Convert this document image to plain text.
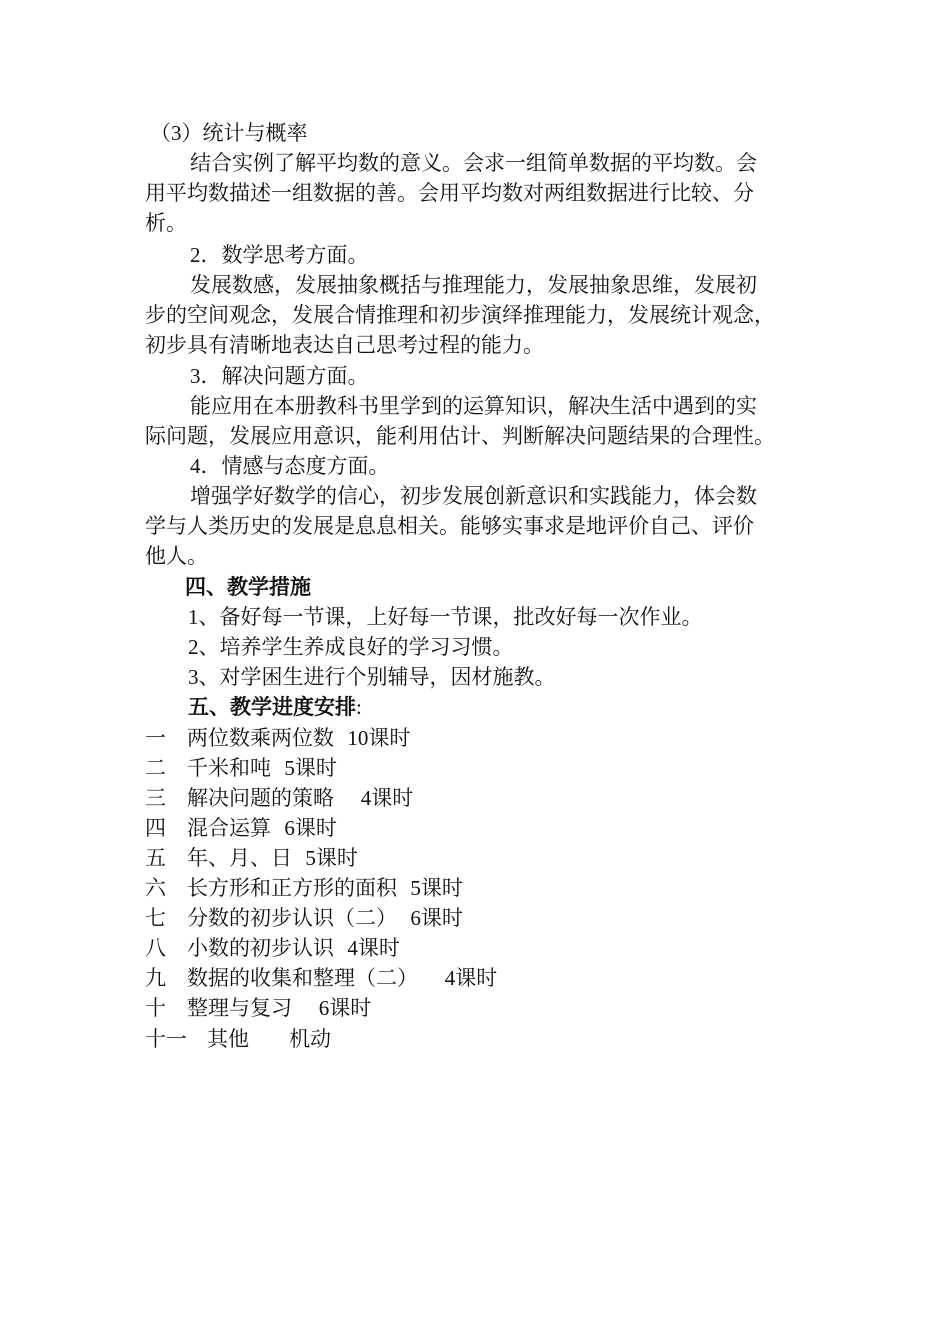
（3）统计与概率
结合实例了解平均数的意义。会求一组简单数据的平均数。会
用平均数描述一组数据的善。会用平均数对两组数据进行比较、分
析。
2．数学思考方面。
发展数感，发展抽象概括与推理能力，发展抽象思维，发展初
步的空间观念，发展合情推理和初步演绎推理能力，发展统计观念，
初步具有清晰地表达自己思考过程的能力。
3．解决问题方面。
能应用在本册教科书里学到的运算知识，解决生活中遇到的实
际问题，发展应用意识，能利用估计、判断解决问题结果的合理性。
4．情感与态度方面。
增强学好数学的信心，初步发展创新意识和实践能力，体会数
学与人类历史的发展是息息相关。能够实事求是地评价自己、评价
他人。
四、教学措施
1、备好每一节课，上好每一节课，批改好每一次作业。
2、培养学生养成良好的学习习惯。
3、对学困生进行个别辅导，因材施教。
五、教学进度安排:
一 两位数乘两位数 10课时
二 千米和吨 5课时
三 解决问题的策略 4课时
四 混合运算 6课时
五 年、月、日 5课时
六 长方形和正方形的面积 5课时
七 分数的初步认识（二） 6课时
八 小数的初步认识 4课时
九 数据的收集和整理（二） 4课时
十 整理与复习 6课时
十一 其他 机动
